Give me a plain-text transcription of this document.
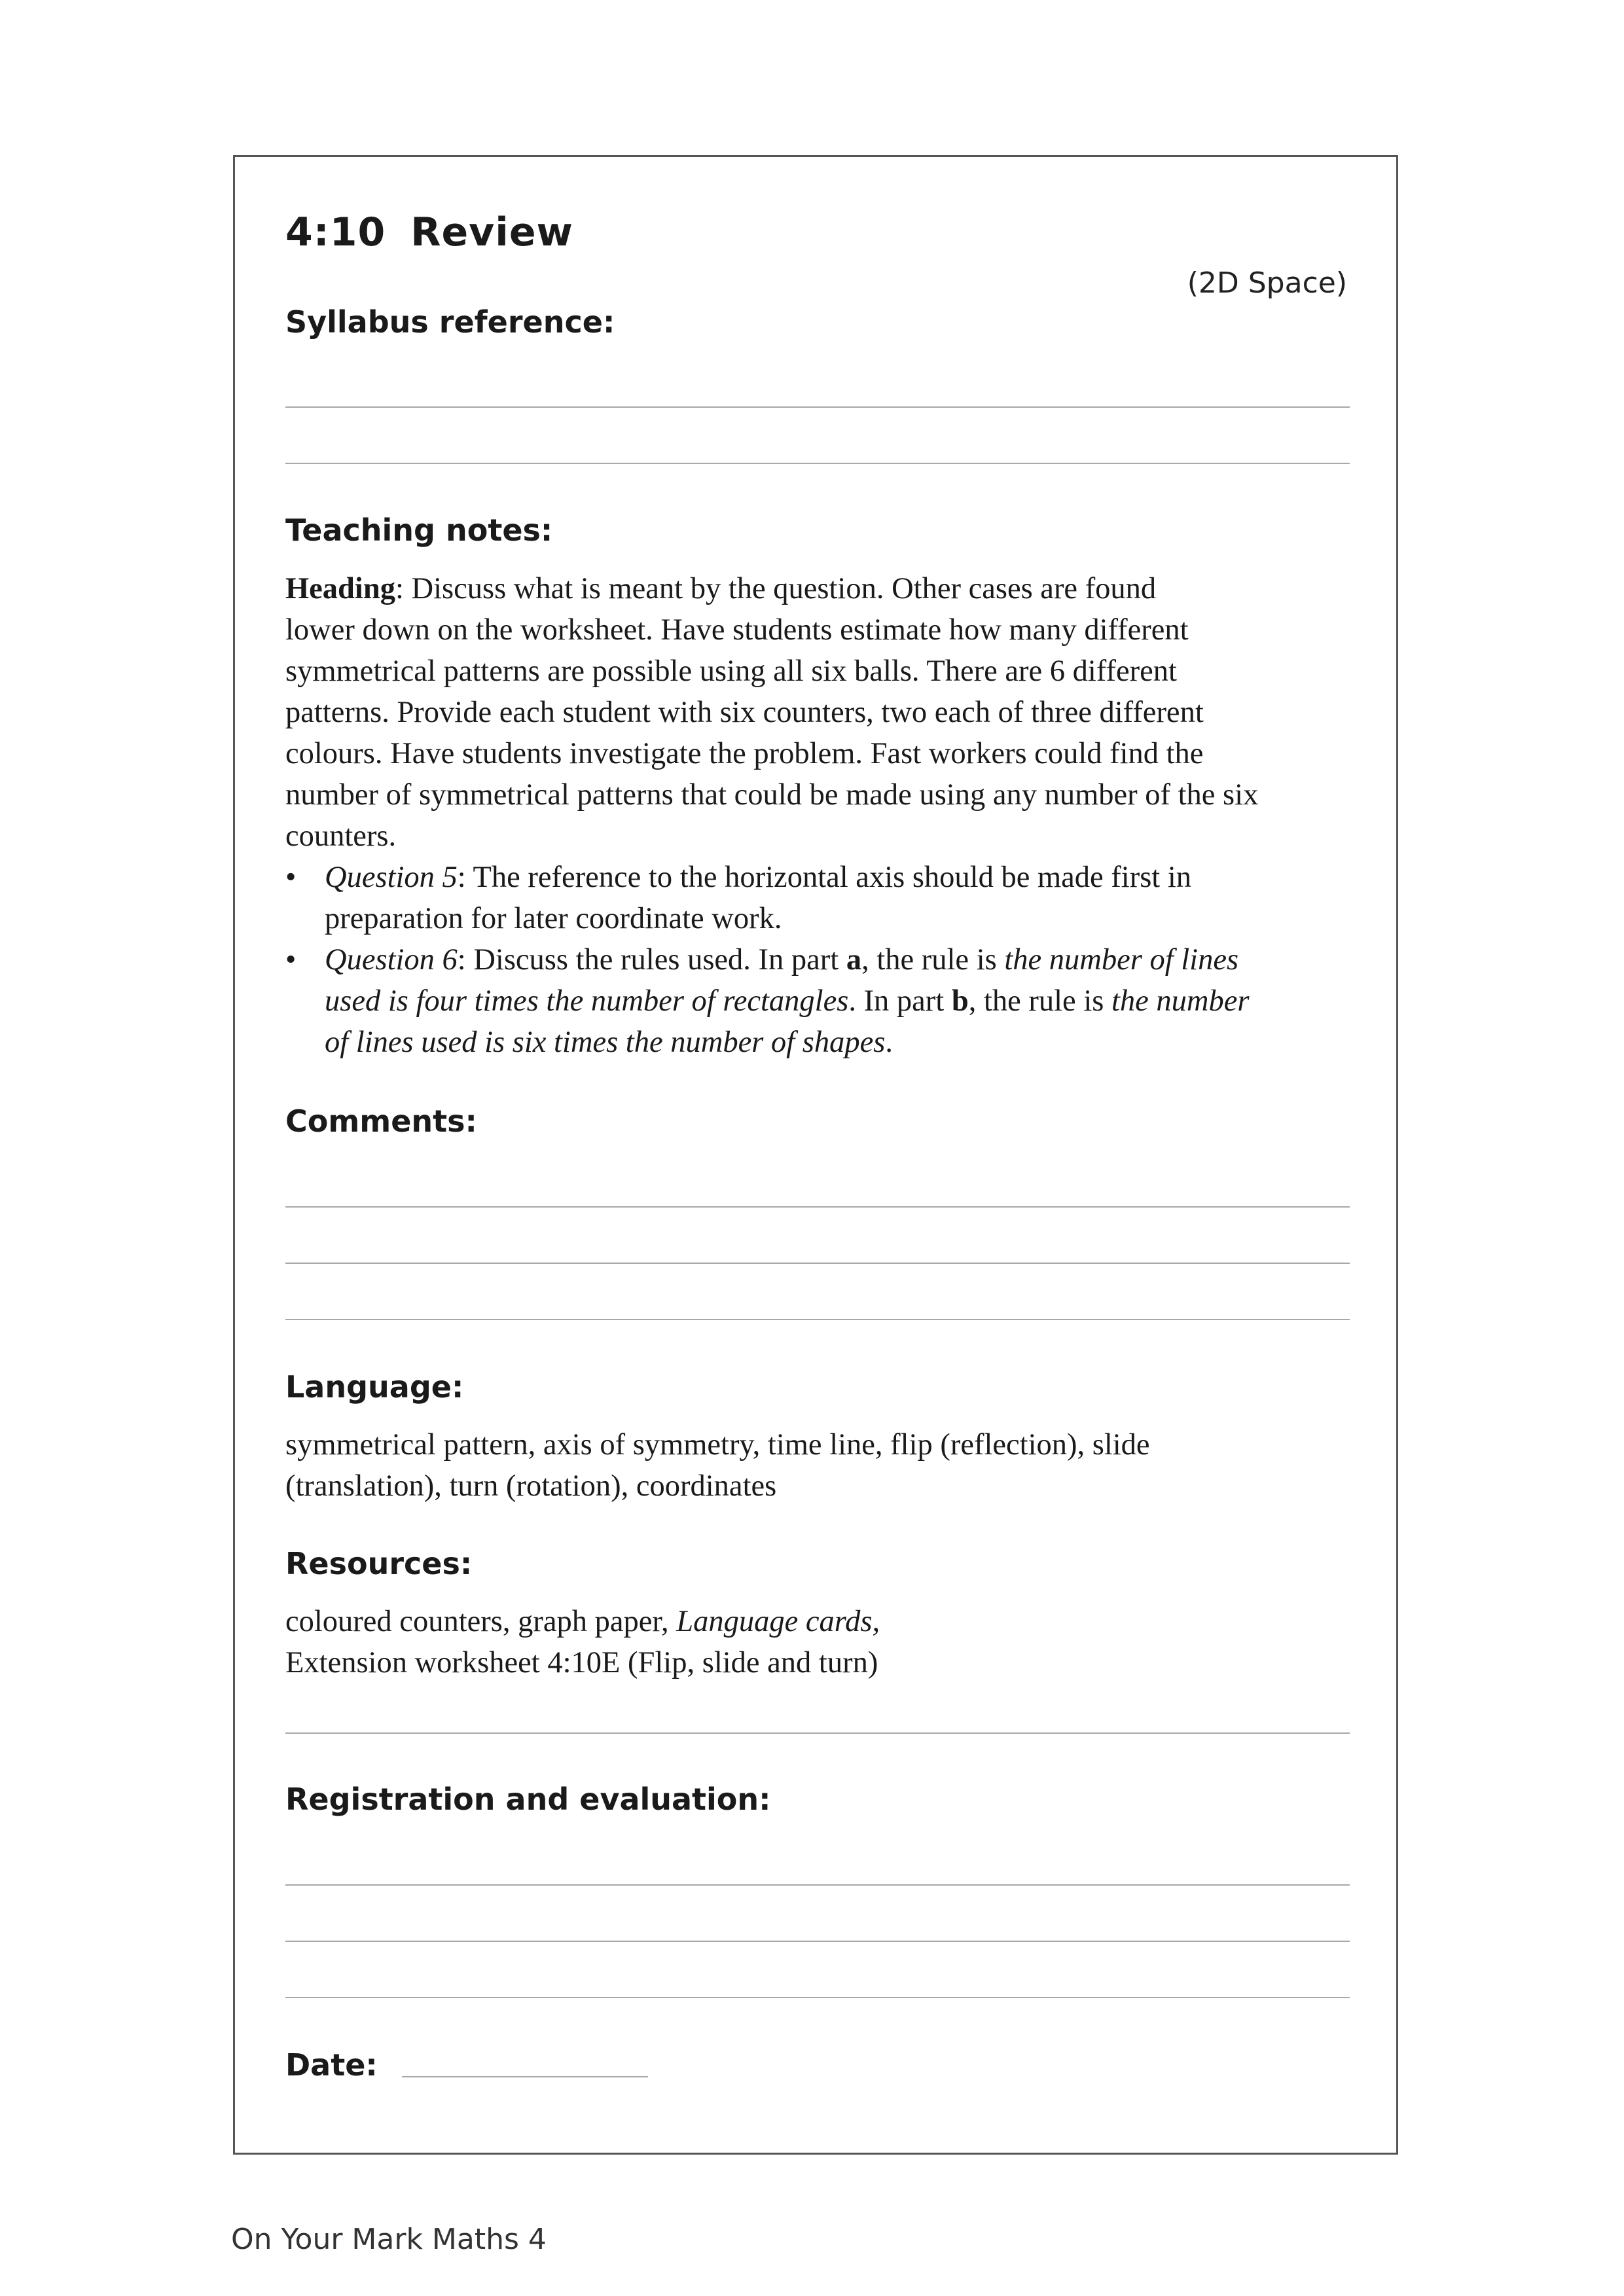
4:10 Review
(2D Space)
Syllabus reference:
Teaching notes:
Heading: Discuss what is meant by the question. Other cases are found
lower down on the worksheet. Have students estimate how many different
symmetrical patterns are possible using all six balls. There are 6 different
patterns. Provide each student with six counters, two each of three different
colours. Have students investigate the problem. Fast workers could find the
number of symmetrical patterns that could be made using any number of the six
counters.
• Question 5: The reference to the horizontal axis should be made first in
preparation for later coordinate work.
• Question 6: Discuss the rules used. In part a, the rule is the number of lines
used is four times the number of rectangles. In part b, the rule is the number
of lines used is six times the number of shapes.
Comments:
Language:
symmetrical pattern, axis of symmetry, time line, flip (reflection), slide
(translation), turn (rotation), coordinates
Resources:
coloured counters, graph paper, Language cards,
Extension worksheet 4:10E (Flip, slide and turn)
Registration and evaluation:
Date:
On Your Mark Maths 4
